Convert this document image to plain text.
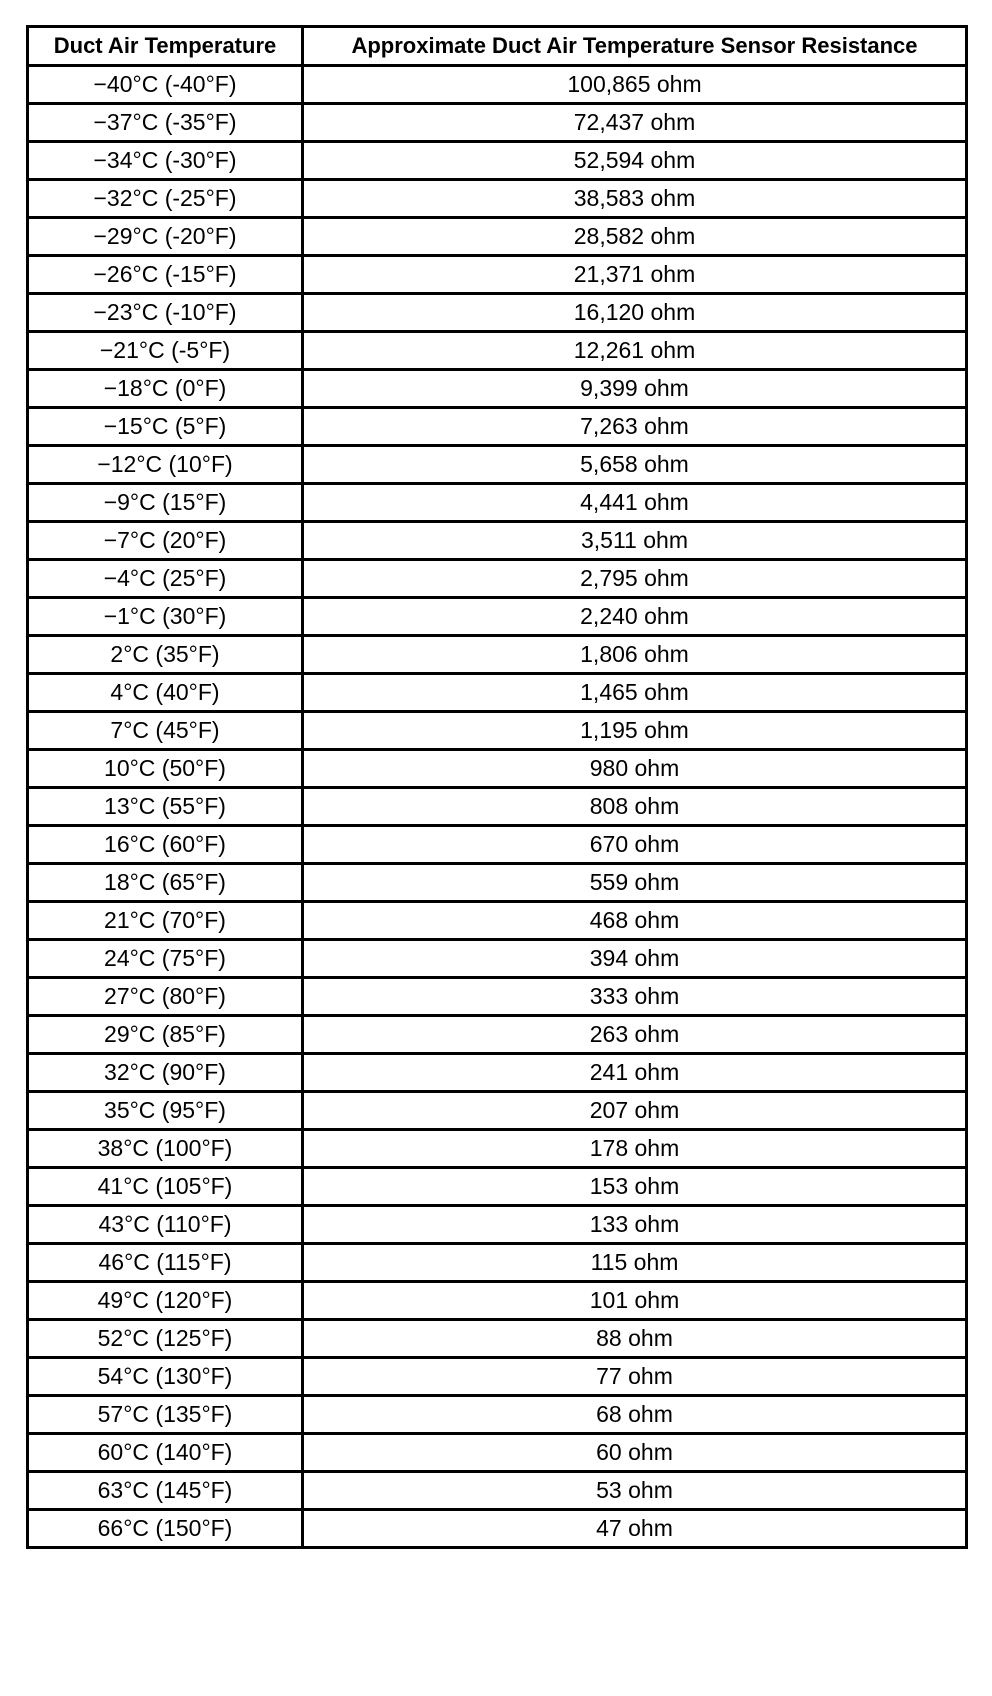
Duct Air Temperature	Approximate Duct Air Temperature Sensor Resistance
−40°C (-40°F)	100,865 ohm
−37°C (-35°F)	72,437 ohm
−34°C (-30°F)	52,594 ohm
−32°C (-25°F)	38,583 ohm
−29°C (-20°F)	28,582 ohm
−26°C (-15°F)	21,371 ohm
−23°C (-10°F)	16,120 ohm
−21°C (-5°F)	12,261 ohm
−18°C (0°F)	9,399 ohm
−15°C (5°F)	7,263 ohm
−12°C (10°F)	5,658 ohm
−9°C (15°F)	4,441 ohm
−7°C (20°F)	3,511 ohm
−4°C (25°F)	2,795 ohm
−1°C (30°F)	2,240 ohm
2°C (35°F)	1,806 ohm
4°C (40°F)	1,465 ohm
7°C (45°F)	1,195 ohm
10°C (50°F)	980 ohm
13°C (55°F)	808 ohm
16°C (60°F)	670 ohm
18°C (65°F)	559 ohm
21°C (70°F)	468 ohm
24°C (75°F)	394 ohm
27°C (80°F)	333 ohm
29°C (85°F)	263 ohm
32°C (90°F)	241 ohm
35°C (95°F)	207 ohm
38°C (100°F)	178 ohm
41°C (105°F)	153 ohm
43°C (110°F)	133 ohm
46°C (115°F)	115 ohm
49°C (120°F)	101 ohm
52°C (125°F)	88 ohm
54°C (130°F)	77 ohm
57°C (135°F)	68 ohm
60°C (140°F)	60 ohm
63°C (145°F)	53 ohm
66°C (150°F)	47 ohm
